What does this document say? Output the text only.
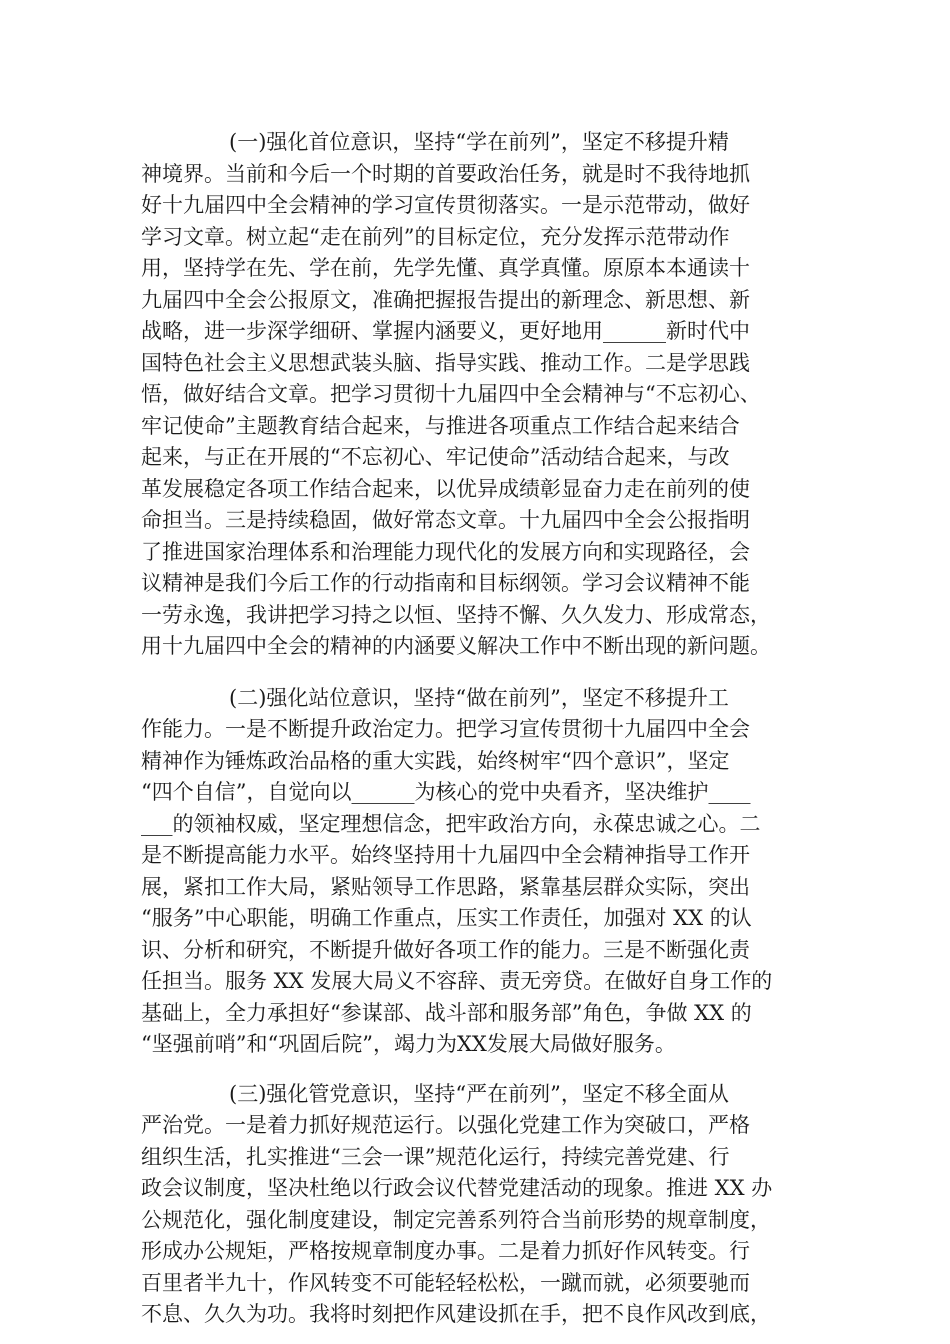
(一)强化首位意识，坚持“学在前列”，坚定不移提升精
神境界。当前和今后一个时期的首要政治任务，就是时不我待地抓
好十九届四中全会精神的学习宣传贯彻落实。一是示范带动，做好
学习文章。树立起“走在前列”的目标定位，充分发挥示范带动作
用，坚持学在先、学在前，先学先懂、真学真懂。原原本本通读十
九届四中全会公报原文，准确把握报告提出的新理念、新思想、新
战略，进一步深学细研、掌握内涵要义，更好地用______新时代中
国特色社会主义思想武装头脑、指导实践、推动工作。二是学思践
悟，做好结合文章。把学习贯彻十九届四中全会精神与“不忘初心、
牢记使命”主题教育结合起来，与推进各项重点工作结合起来结合
起来，与正在开展的“不忘初心、牢记使命”活动结合起来，与改
革发展稳定各项工作结合起来，以优异成绩彰显奋力走在前列的使
命担当。三是持续稳固，做好常态文章。十九届四中全会公报指明
了推进国家治理体系和治理能力现代化的发展方向和实现路径，会
议精神是我们今后工作的行动指南和目标纲领。学习会议精神不能
一劳永逸，我讲把学习持之以恒、坚持不懈、久久发力、形成常态，
用十九届四中全会的精神的内涵要义解决工作中不断出现的新问题。
(二)强化站位意识，坚持“做在前列”，坚定不移提升工
作能力。一是不断提升政治定力。把学习宣传贯彻十九届四中全会
精神作为锤炼政治品格的重大实践，始终树牢“四个意识”，坚定
“四个自信”，自觉向以______为核心的党中央看齐，坚决维护____
___的领袖权威，坚定理想信念，把牢政治方向，永葆忠诚之心。二
是不断提高能力水平。始终坚持用十九届四中全会精神指导工作开
展，紧扣工作大局，紧贴领导工作思路，紧靠基层群众实际，突出
“服务”中心职能，明确工作重点，压实工作责任，加强对 XX 的认
识、分析和研究，不断提升做好各项工作的能力。三是不断强化责
任担当。服务 XX 发展大局义不容辞、责无旁贷。在做好自身工作的
基础上，全力承担好“参谋部、战斗部和服务部”角色，争做 XX 的
“坚强前哨”和“巩固后院”，竭力为XX发展大局做好服务。
(三)强化管党意识，坚持“严在前列”，坚定不移全面从
严治党。一是着力抓好规范运行。以强化党建工作为突破口，严格
组织生活，扎实推进“三会一课”规范化运行，持续完善党建、行
政会议制度，坚决杜绝以行政会议代替党建活动的现象。推进 XX 办
公规范化，强化制度建设，制定完善系列符合当前形势的规章制度，
形成办公规矩，严格按规章制度办事。二是着力抓好作风转变。行
百里者半九十，作风转变不可能轻轻松松，一蹴而就，必须要驰而
不息、久久为功。我将时刻把作风建设抓在手，把不良作风改到底，
